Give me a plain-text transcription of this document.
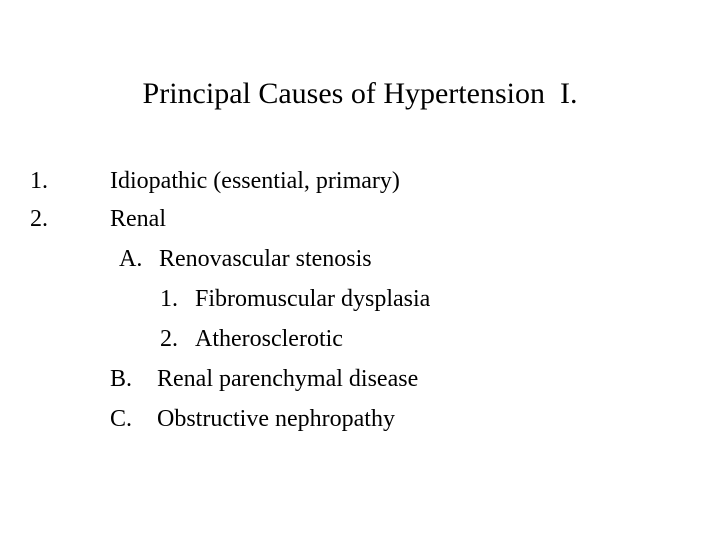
Principal Causes of Hypertension  I.
1.	Idiopathic (essential, primary)
2.	Renal
A. Renovascular stenosis
1. Fibromuscular dysplasia
2. Atherosclerotic
B. Renal parenchymal disease
C. Obstructive nephropathy
